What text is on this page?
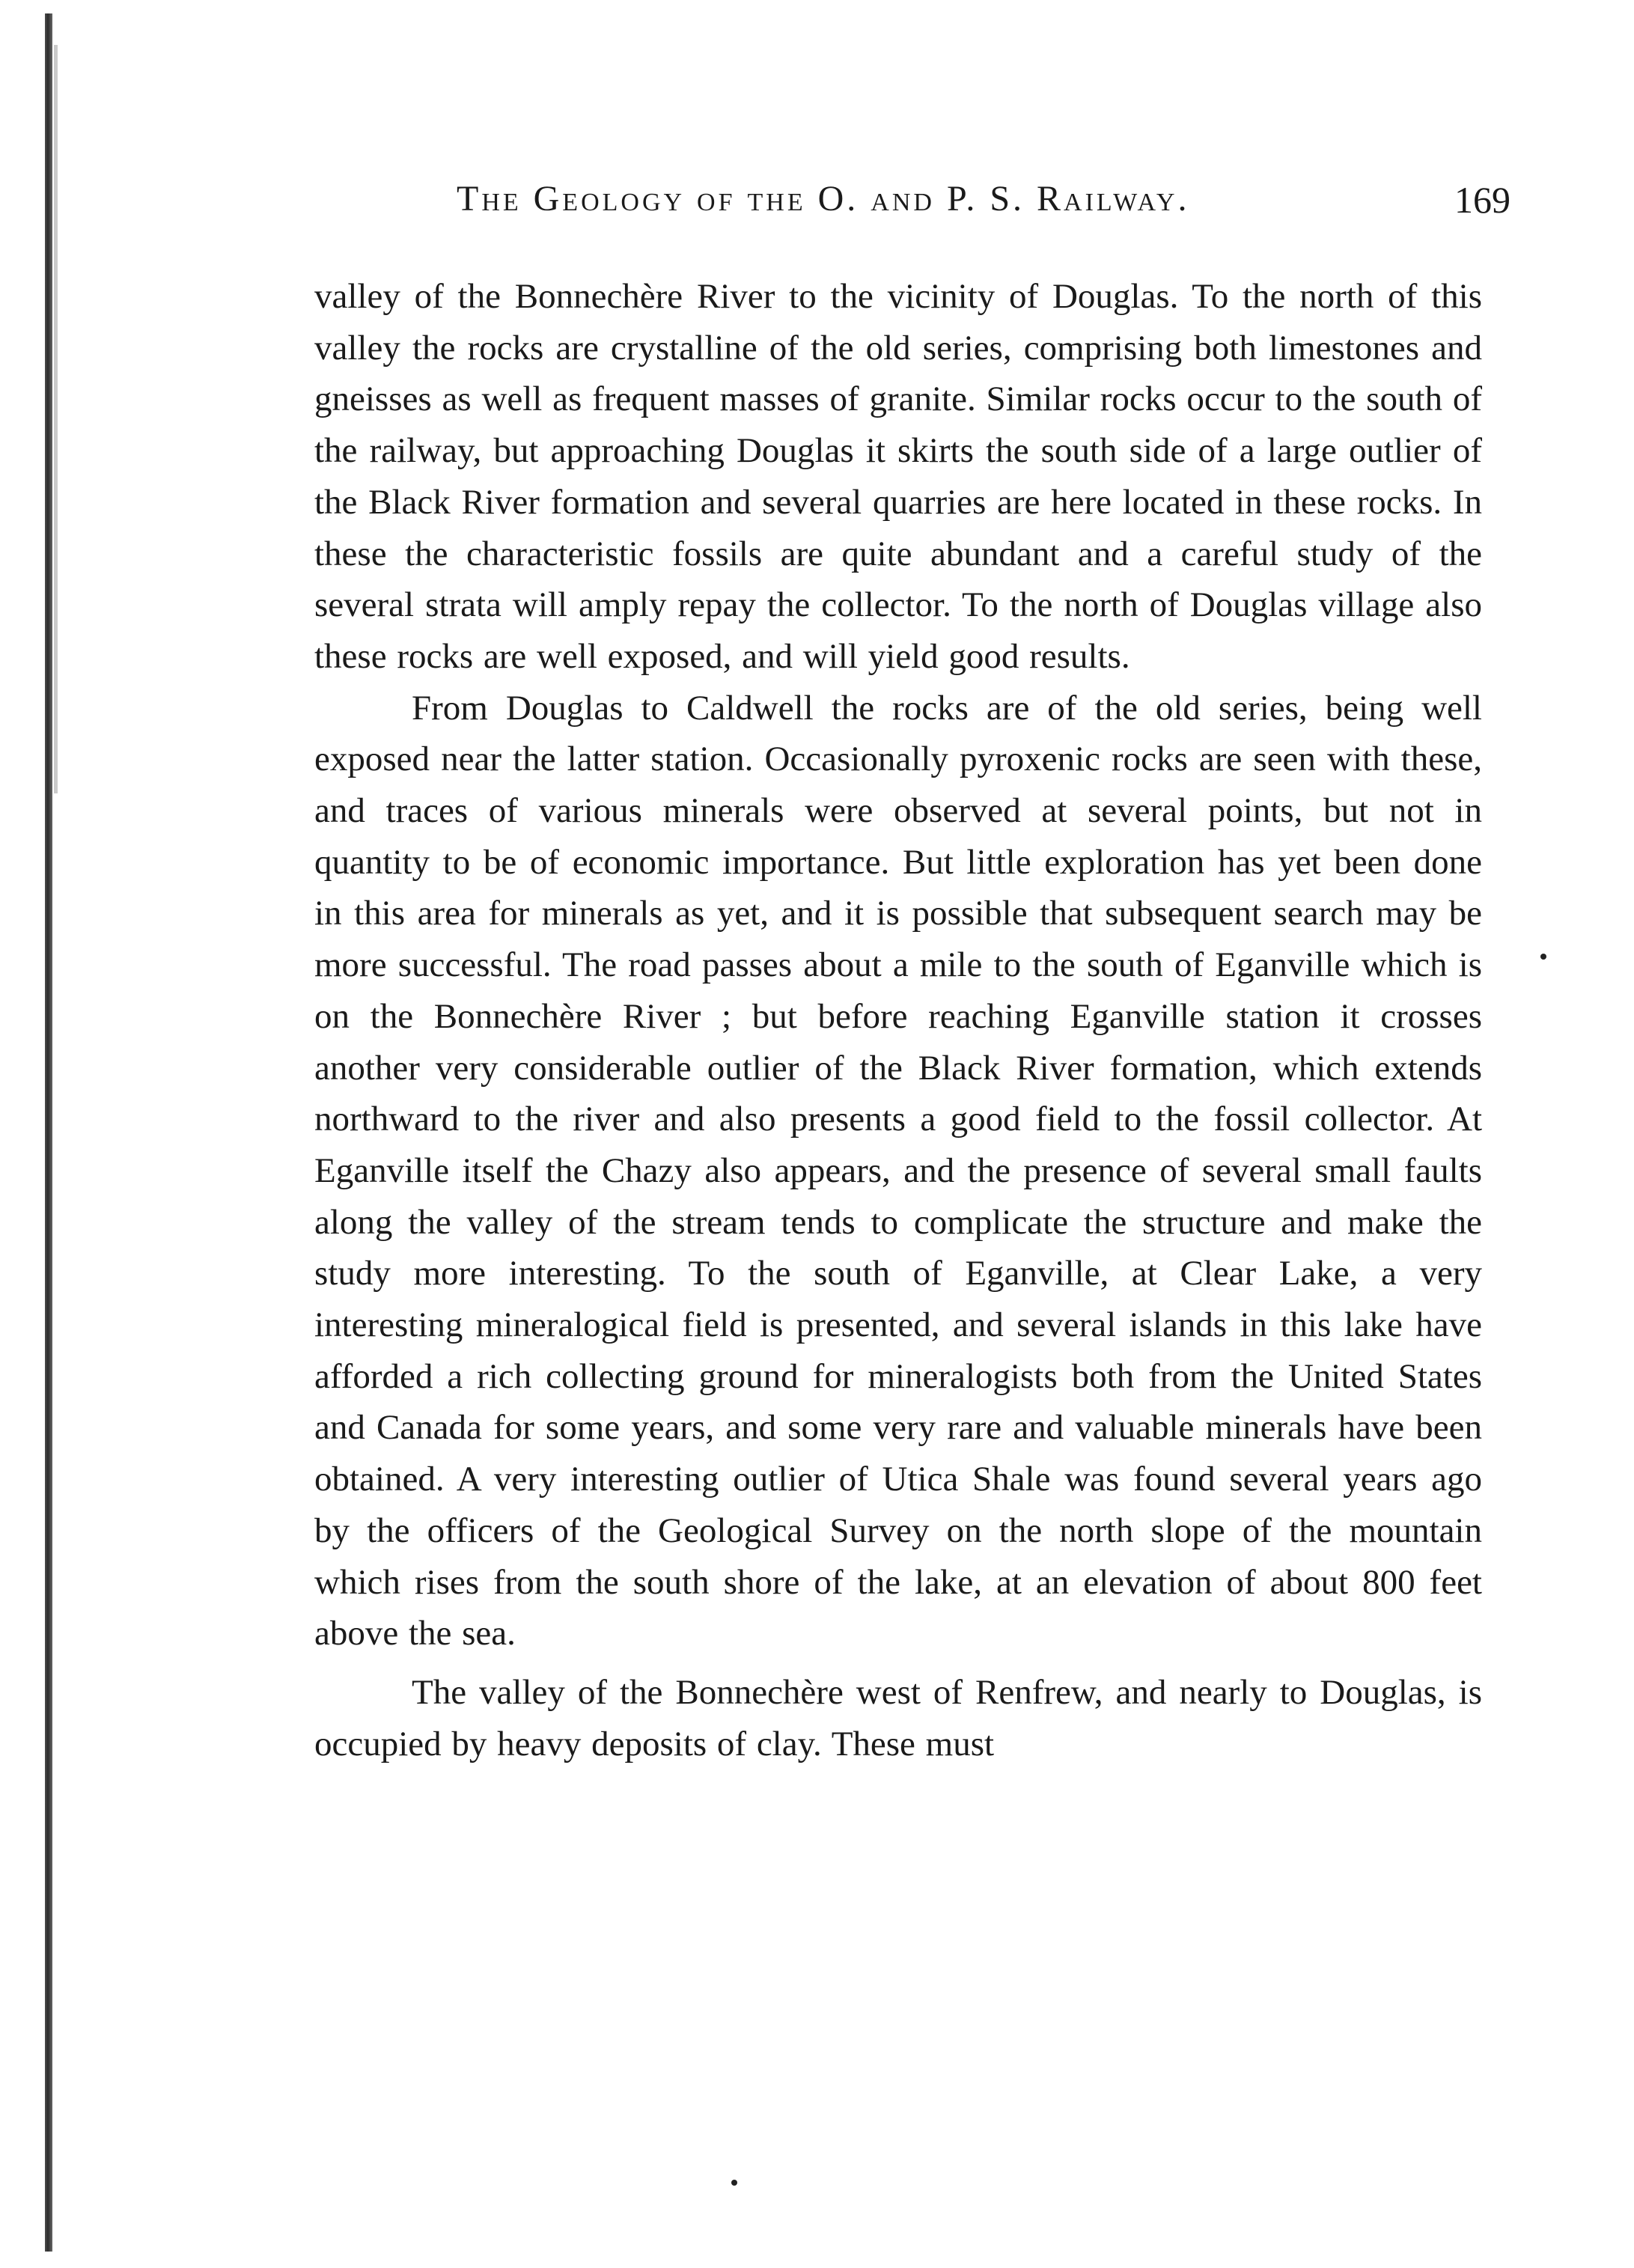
The Geology of the O. and P. S. Railway.	169

valley of the Bonnechère River to the vicinity of Douglas. To the north of this valley the rocks are crystalline of the old series, comprising both limestones and gneisses as well as frequent masses of granite. Similar rocks occur to the south of the railway, but approaching Douglas it skirts the south side of a large outlier of the Black River formation and several quarries are here located in these rocks. In these the characteristic fossils are quite abundant and a careful study of the several strata will amply repay the collector. To the north of Douglas village also these rocks are well exposed, and will yield good results.

From Douglas to Caldwell the rocks are of the old series, being well exposed near the latter station. Occasionally pyroxenic rocks are seen with these, and traces of various minerals were observed at several points, but not in quantity to be of economic importance. But little exploration has yet been done in this area for minerals as yet, and it is possible that subsequent search may be more successful. The road passes about a mile to the south of Eganville which is on the Bonnechère River ; but before reaching Eganville station it crosses another very considerable outlier of the Black River formation, which extends northward to the river and also presents a good field to the fossil collector. At Eganville itself the Chazy also appears, and the presence of several small faults along the valley of the stream tends to complicate the structure and make the study more interesting. To the south of Eganville, at Clear Lake, a very interesting mineralogical field is presented, and several islands in this lake have afforded a rich collecting ground for mineralogists both from the United States and Canada for some years, and some very rare and valuable minerals have been obtained. A very interesting outlier of Utica Shale was found several years ago by the officers of the Geological Survey on the north slope of the mountain which rises from the south shore of the lake, at an elevation of about 800 feet above the sea.

The valley of the Bonnechère west of Renfrew, and nearly to Douglas, is occupied by heavy deposits of clay. These must
